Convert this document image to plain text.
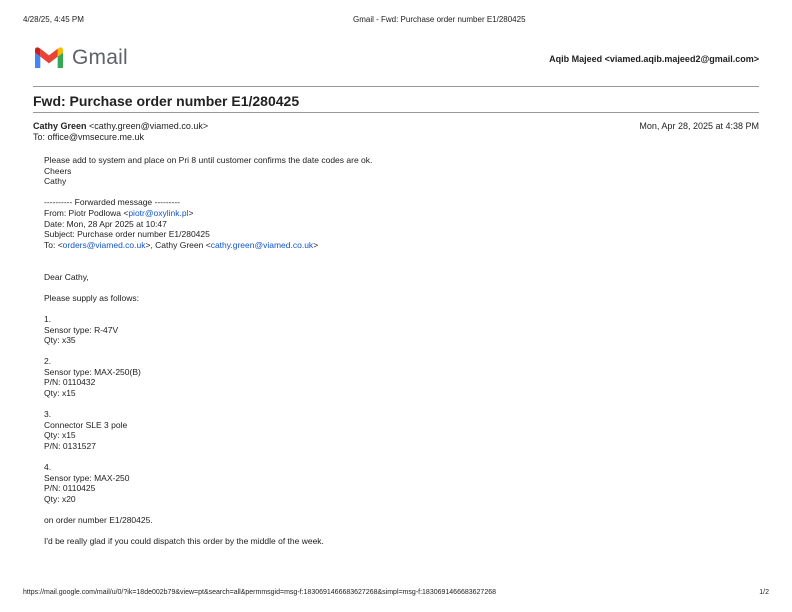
4/28/25, 4:45 PM	Gmail - Fwd: Purchase order number E1/280425
Gmail	Aqib Majeed <viamed.aqib.majeed2@gmail.com>
Fwd: Purchase order number E1/280425
Cathy Green <cathy.green@viamed.co.uk>	Mon, Apr 28, 2025 at 4:38 PM
To: office@vmsecure.me.uk
Please add to system and place on Pri 8 until customer confirms the date codes are ok.
Cheers
Cathy
---------- Forwarded message ---------
From: Piotr Podlowa <piotr@oxylink.pl>
Date: Mon, 28 Apr 2025 at 10:47
Subject: Purchase order number E1/280425
To: <orders@viamed.co.uk>, Cathy Green <cathy.green@viamed.co.uk>
Dear Cathy,
Please supply as follows:
1.
Sensor type: R-47V
Qty: x35
2.
Sensor type: MAX-250(B)
P/N: 0110432
Qty: x15
3.
Connector SLE 3 pole
Qty: x15
P/N: 0131527
4.
Sensor type: MAX-250
P/N: 0110425
Qty: x20
on order number E1/280425.
I'd be really glad if you could dispatch this order by the middle of the week.
https://mail.google.com/mail/u/0/?ik=18de002b79&view=pt&search=all&permmsgid=msg-f:1830691466683627268&simpl=msg-f:1830691466683627268	1/2
